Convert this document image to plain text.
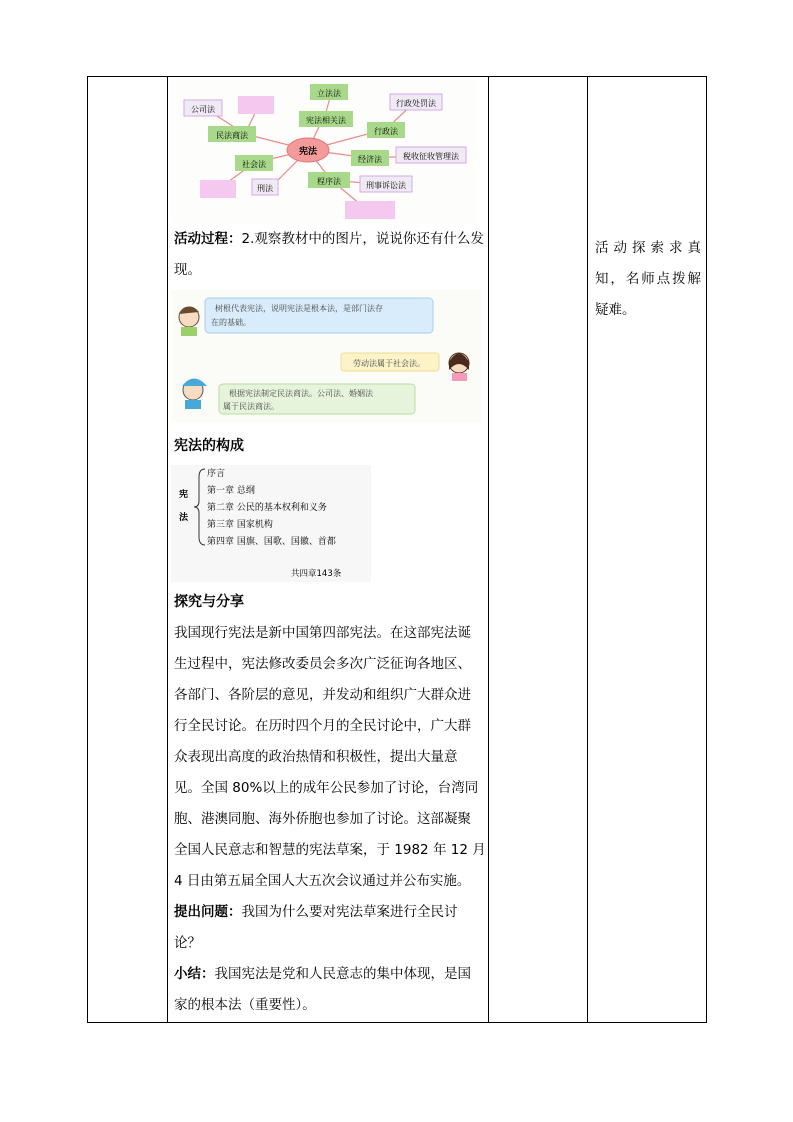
宪法
立法法
宪法相关法
行政处罚法
公司法
民法商法	行政法
社会法
经济法	税收征收管理法
刑法
程序法	刑事诉讼法

活动过程：2.观察教材中的图片，说说你还有什么发现。

树根代表宪法，说明宪法是根本法，是部门法存
在的基础。
劳动法属于社会法。
根据宪法制定民法商法。公司法、婚姻法
属于民法商法。

宪法的构成

宪
法
序言
第一章 总纲
第二章 公民的基本权利和义务
第三章 国家机构
第四章 国旗、国歌、国徽、首都
共四章143条

探究与分享

我国现行宪法是新中国第四部宪法。在这部宪法诞
生过程中，宪法修改委员会多次广泛征询各地区、
各部门、各阶层的意见，并发动和组织广大群众进
行全民讨论。在历时四个月的全民讨论中，广大群
众表现出高度的政治热情和积极性，提出大量意
见。全国 80%以上的成年公民参加了讨论，台湾同
胞、港澳同胞、海外侨胞也参加了讨论。这部凝聚
全国人民意志和智慧的宪法草案，于 1982 年 12 月
4 日由第五届全国人大五次会议通过并公布实施。
提出问题：我国为什么要对宪法草案进行全民讨
论？
小结：我国宪法是党和人民意志的集中体现，是国
家的根本法（重要性）。

活动探索求真知，名师点拨解疑难。
